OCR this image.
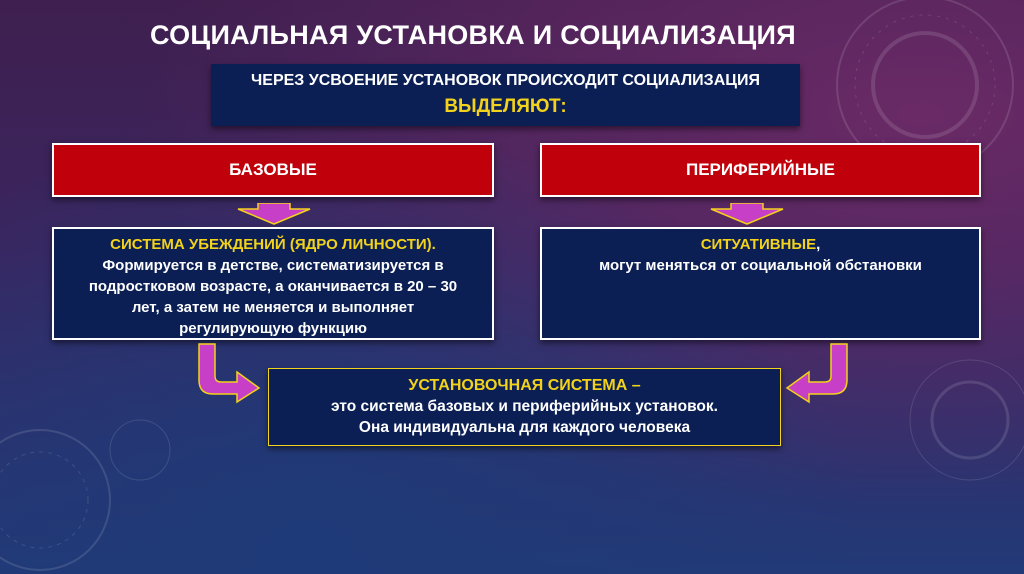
СОЦИАЛЬНАЯ УСТАНОВКА И СОЦИАЛИЗАЦИЯ
ЧЕРЕЗ УСВОЕНИЕ УСТАНОВОК ПРОИСХОДИТ СОЦИАЛИЗАЦИЯ
ВЫДЕЛЯЮТ:
БАЗОВЫЕ	ПЕРИФЕРИЙНЫЕ
СИСТЕМА УБЕЖДЕНИЙ (ЯДРО ЛИЧНОСТИ).
Формируется в детстве, систематизируется в
подростковом возрасте, а оканчивается в 20 – 30
лет, а затем не меняется и выполняет
регулирующую функцию
СИТУАТИВНЫЕ,
могут меняться от социальной обстановки
УСТАНОВОЧНАЯ СИСТЕМА –
это система базовых и периферийных установок.
Она индивидуальна для каждого человека
